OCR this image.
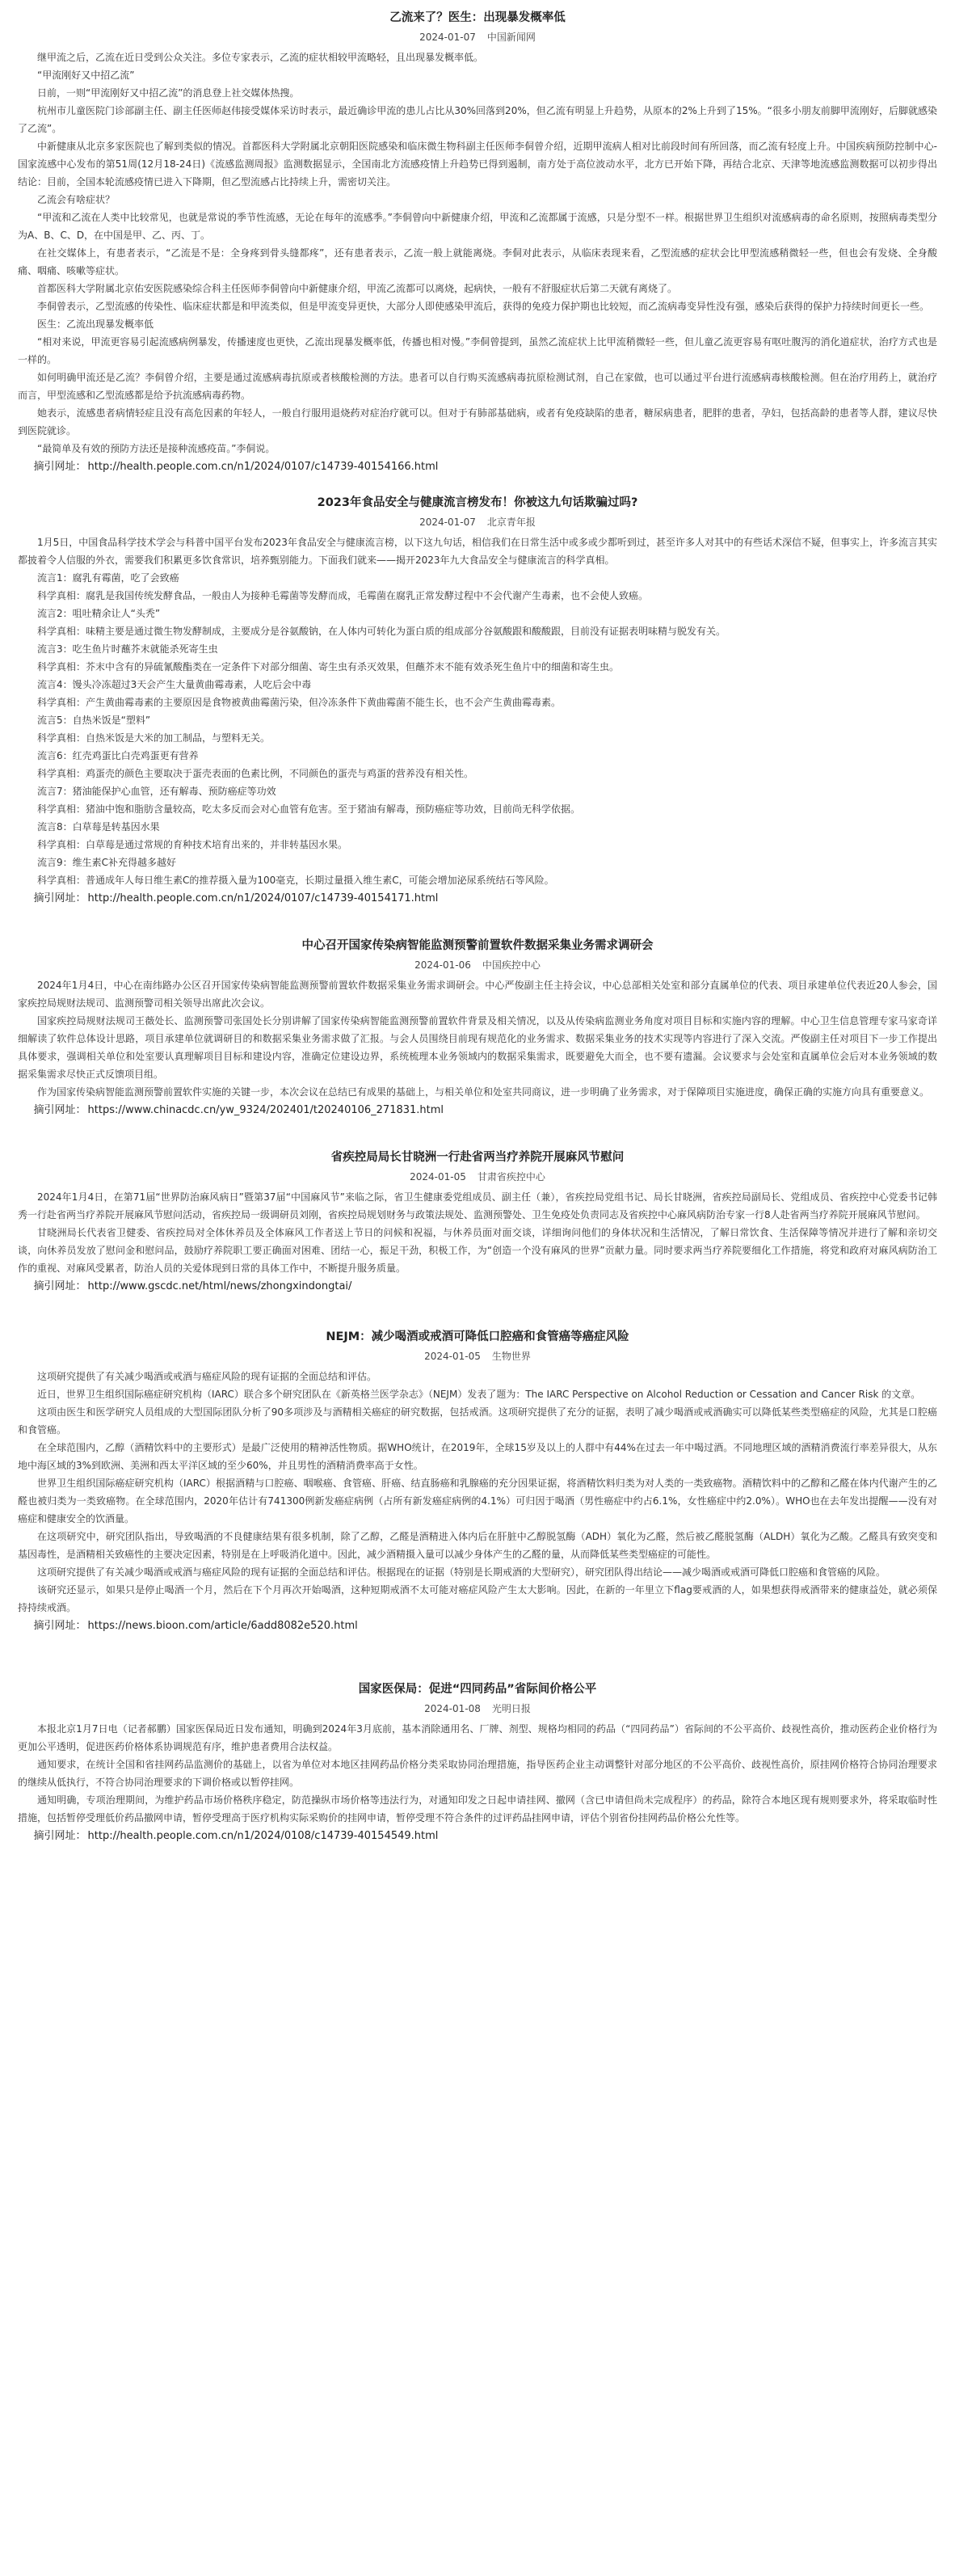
乙流来了？医生：出现暴发概率低
2024-01-07 中国新闻网

继甲流之后，乙流在近日受到公众关注。多位专家表示，乙流的症状相较甲流略轻，且出现暴发概率低。

“甲流刚好又中招乙流”

日前，一则“甲流刚好又中招乙流”的消息登上社交媒体热搜。

杭州市儿童医院门诊部副主任、副主任医师赵伟接受媒体采访时表示，最近确诊甲流的患儿占比从30%回落到20%，但乙流有明显上升趋势，从原本的2%上升到了15%。“很多小朋友前脚甲流刚好，后脚就感染了乙流”。

中新健康从北京多家医院也了解到类似的情况。首都医科大学附属北京朝阳医院感染和临床微生物科副主任医师李侗曾介绍，近期甲流病人相对比前段时间有所回落，而乙流有轻度上升。中国疾病预防控制中心-国家流感中心发布的第51周(12月18-24日)《流感监测周报》监测数据显示，全国南北方流感疫情上升趋势已得到遏制，南方处于高位波动水平，北方已开始下降，再结合北京、天津等地流感监测数据可以初步得出结论：目前，全国本轮流感疫情已进入下降期，但乙型流感占比持续上升，需密切关注。

乙流会有啥症状？

“甲流和乙流在人类中比较常见，也就是常说的季节性流感，无论在每年的流感季。”李侗曾向中新健康介绍，甲流和乙流都属于流感，只是分型不一样。根据世界卫生组织对流感病毒的命名原则，按照病毒类型分为A、B、C、D，在中国是甲、乙、丙、丁。

在社交媒体上，有患者表示，“乙流是不是：全身疼到骨头缝都疼”，还有患者表示，乙流一般上就能离烧。李侗对此表示，从临床表现来看，乙型流感的症状会比甲型流感稍微轻一些，但也会有发烧、全身酸痛、咽痛、咳嗽等症状。

首都医科大学附属北京佑安医院感染综合科主任医师李侗曾向中新健康介绍，甲流乙流都可以离烧，起病快，一般有不舒服症状后第二天就有离烧了。

李侗曾表示，乙型流感的传染性、临床症状都是和甲流类似，但是甲流变异更快，大部分人即使感染甲流后，获得的免疫力保护期也比较短，而乙流病毒变异性没有强，感染后获得的保护力持续时间更长一些。

医生：乙流出现暴发概率低

“相对来说，甲流更容易引起流感病例暴发，传播速度也更快，乙流出现暴发概率低，传播也相对慢。”李侗曾提到，虽然乙流症状上比甲流稍微轻一些，但儿童乙流更容易有呕吐腹泻的消化道症状，治疗方式也是一样的。

如何明确甲流还是乙流？李侗曾介绍，主要是通过流感病毒抗原或者核酸检测的方法。患者可以自行购买流感病毒抗原检测试剂，自己在家做，也可以通过平台进行流感病毒核酸检测。但在治疗用药上，就治疗而言，甲型流感和乙型流感都是给予抗流感病毒药物。

她表示，流感患者病情轻症且没有高危因素的年轻人，一般自行服用退烧药对症治疗就可以。但对于有肺部基础病，或者有免疫缺陷的患者，糖尿病患者，肥胖的患者，孕妇，包括高龄的患者等人群，建议尽快到医院就诊。

“最简单及有效的预防方法还是接种流感疫苗。”李侗说。

摘引网址： http://health.people.com.cn/n1/2024/0107/c14739-40154166.html

2023年食品安全与健康流言榜发布！你被这九句话欺骗过吗?
2024-01-07 北京青年报

1月5日，中国食品科学技术学会与科普中国平台发布2023年食品安全与健康流言榜，以下这九句话，相信我们在日常生活中或多或少都听到过，甚至许多人对其中的有些话术深信不疑，但事实上，许多流言其实都披着令人信服的外衣，需要我们积累更多饮食常识，培养甄别能力。下面我们就来——揭开2023年九大食品安全与健康流言的科学真相。

流言1：腐乳有霉菌，吃了会致癌

科学真相：腐乳是我国传统发酵食品，一般由人为接种毛霉菌等发酵而成，毛霉菌在腐乳正常发酵过程中不会代谢产生毒素，也不会使人致癌。

流言2：咀吐精余让人“头秃”

科学真相：味精主要是通过微生物发酵制成，主要成分是谷氨酸钠，在人体内可转化为蛋白质的组成部分谷氨酸跟和酸酸跟，目前没有证据表明味精与脱发有关。

流言3：吃生鱼片时蘸芥末就能杀死寄生虫

科学真相：芥末中含有的异硫氰酸酯类在一定条件下对部分细菌、寄生虫有杀灭效果，但蘸芥末不能有效杀死生鱼片中的细菌和寄生虫。

流言4：馒头冷冻超过3天会产生大量黄曲霉毒素，人吃后会中毒

科学真相：产生黄曲霉毒素的主要原因是食物被黄曲霉菌污染，但冷冻条件下黄曲霉菌不能生长，也不会产生黄曲霉毒素。

流言5：自热米饭是“塑料”

科学真相：自热米饭是大米的加工制品，与塑料无关。

流言6：红壳鸡蛋比白壳鸡蛋更有营养

科学真相：鸡蛋壳的颜色主要取决于蛋壳表面的色素比例，不同颜色的蛋壳与鸡蛋的营养没有相关性。

流言7：猪油能保护心血管，还有解毒、预防癌症等功效

科学真相：猪油中饱和脂肪含量较高，吃太多反而会对心血管有危害。至于猪油有解毒，预防癌症等功效，目前尚无科学依据。

流言8：白草莓是转基因水果

科学真相：白草莓是通过常规的育种技术培育出来的，并非转基因水果。

流言9：维生素C补充得越多越好

科学真相：普通成年人每日维生素C的推荐摄入量为100毫克，长期过量摄入维生素C，可能会增加泌尿系统结石等风险。

摘引网址： http://health.people.com.cn/n1/2024/0107/c14739-40154171.html

中心召开国家传染病智能监测预警前置软件数据采集业务需求调研会
2024-01-06 中国疾控中心

2024年1月4日，中心在南纬路办公区召开国家传染病智能监测预警前置软件数据采集业务需求调研会。中心严俊副主任主持会议，中心总部相关处室和部分直属单位的代表、项目承建单位代表近20人参会，国家疾控局规财法规司、监测预警司相关领导出席此次会议。

国家疾控局规财法规司王薇处长、监测预警司张国处长分别讲解了国家传染病智能监测预警前置软件背景及相关情况，以及从传染病监测业务角度对项目目标和实施内容的理解。中心卫生信息管理专家马家奇详细解读了软件总体设计思路，项目承建单位就调研目的和数据采集业务需求做了汇报。与会人员围绕目前现有规范化的业务需求、数据采集业务的技术实现等内容进行了深入交流。严俊副主任对项目下一步工作提出具体要求，强调相关单位和处室要认真理解项目目标和建设内容，准确定位建设边界，系统梳理本业务领域内的数据采集需求，既要避免大而全，也不要有遗漏。会议要求与会处室和直属单位会后对本业务领域的数据采集需求尽快正式反馈项目组。

作为国家传染病智能监测预警前置软件实施的关键一步，本次会议在总结已有成果的基础上，与相关单位和处室共同商议，进一步明确了业务需求，对于保障项目实施进度，确保正确的实施方向具有重要意义。

摘引网址： https://www.chinacdc.cn/yw_9324/202401/t20240106_271831.html

省疾控局局长甘晓洲一行赴省两当疗养院开展麻风节慰问
2024-01-05 甘肃省疾控中心

2024年1月4日，在第71届“世界防治麻风病日”暨第37届“中国麻风节”来临之际，省卫生健康委党组成员、副主任（兼），省疾控局党组书记、局长甘晓洲，省疾控局副局长、党组成员、省疾控中心党委书记韩秀一行赴省两当疗养院开展麻风节慰问活动，省疾控局一级调研员刘刚，省疾控局规划财务与政策法规处、监测预警处、卫生免疫处负责同志及省疾控中心麻风病防治专家一行8人赴省两当疗养院开展麻风节慰问。

甘晓洲局长代表省卫健委、省疾控局对全体休养员及全体麻风工作者送上节日的问候和祝福，与休养员面对面交谈，详细询问他们的身体状况和生活情况，了解日常饮食、生活保障等情况并进行了解和亲切交谈，向休养员发放了慰问金和慰问品，鼓励疗养院职工要正确面对困难、团结一心，振足干劲，积极工作，为“创造一个没有麻风的世界”贡献力量。同时要求两当疗养院要细化工作措施，将党和政府对麻风病防治工作的重视、对麻风受累者，防治人员的关爱体现到日常的具体工作中，不断提升服务质量。

摘引网址： http://www.gscdc.net/html/news/zhongxindongtai/

NEJM：减少喝酒或戒酒可降低口腔癌和食管癌等癌症风险
2024-01-05 生物世界

这项研究提供了有关减少喝酒或戒酒与癌症风险的现有证据的全面总结和评估。

近日，世界卫生组织国际癌症研究机构（IARC）联合多个研究团队在《新英格兰医学杂志》（NEJM）发表了题为：The IARC Perspective on Alcohol Reduction or Cessation and Cancer Risk 的文章。

这项由医生和医学研究人员组成的大型国际团队分析了90多项涉及与酒精相关癌症的研究数据，包括戒酒。这项研究提供了充分的证据，表明了减少喝酒或戒酒确实可以降低某些类型癌症的风险，尤其是口腔癌和食管癌。

在全球范围内，乙醇（酒精饮料中的主要形式）是最广泛使用的精神活性物质。据WHO统计，在2019年，全球15岁及以上的人群中有44%在过去一年中喝过酒。不同地理区域的酒精消费流行率差异很大，从东地中海区域的3%到欧洲、美洲和西太平洋区域的至少60%，并且男性的酒精消费率高于女性。

世界卫生组织国际癌症研究机构（IARC）根据酒精与口腔癌、咽喉癌、食管癌、肝癌、结直肠癌和乳腺癌的充分因果证据，将酒精饮料归类为对人类的一类致癌物。酒精饮料中的乙醇和乙醛在体内代谢产生的乙醛也被归类为一类致癌物。在全球范围内，2020年估计有741300例新发癌症病例（占所有新发癌症病例的4.1%）可归因于喝酒（男性癌症中约占6.1%，女性癌症中约2.0%）。WHO也在去年发出提醒——没有对癌症和健康安全的饮酒量。

在这项研究中，研究团队指出，导致喝酒的不良健康结果有很多机制，除了乙醇，乙醛是酒精进入体内后在肝脏中乙醇脱氢酶（ADH）氧化为乙醛，然后被乙醛脱氢酶（ALDH）氧化为乙酸。乙醛具有致突变和基因毒性，是酒精相关致癌性的主要决定因素，特别是在上呼吸消化道中。因此，减少酒精摄入量可以减少身体产生的乙醛的量，从而降低某些类型癌症的可能性。

这项研究提供了有关减少喝酒或戒酒与癌症风险的现有证据的全面总结和评估。根据现在的证据（特别是长期戒酒的大型研究），研究团队得出结论——减少喝酒或戒酒可降低口腔癌和食管癌的风险。

该研究还显示，如果只是停止喝酒一个月，然后在下个月再次开始喝酒，这种短期戒酒不太可能对癌症风险产生太大影响。因此，在新的一年里立下flag要戒酒的人，如果想获得戒酒带来的健康益处，就必须保持持续戒酒。

摘引网址： https://news.bioon.com/article/6add8082e520.html

国家医保局：促进“四同药品”省际间价格公平
2024-01-08 光明日报

本报北京1月7日电（记者郝鹏）国家医保局近日发布通知，明确到2024年3月底前，基本消除通用名、厂牌、剂型、规格均相同的药品（“四同药品”）省际间的不公平高价、歧视性高价，推动医药企业价格行为更加公平透明，促进医药价格体系协调规范有序，维护患者费用合法权益。

通知要求，在统计全国和省挂网药品监测价的基础上，以省为单位对本地区挂网药品价格分类采取协同治理措施，指导医药企业主动调整针对部分地区的不公平高价、歧视性高价，原挂网价格符合协同治理要求的继续从低执行，不符合协同治理要求的下调价格或以暂停挂网。

通知明确，专项治理期间，为维护药品市场价格秩序稳定，防范操纵市场价格等违法行为，对通知印发之日起申请挂网、撤网（含已申请但尚未完成程序）的药品，除符合本地区现有规则要求外，将采取临时性措施，包括暂停受理低价药品撤网申请，暂停受理高于医疗机构实际采购价的挂网申请，暂停受理不符合条件的过评药品挂网申请，评估个别省份挂网药品价格公允性等。

摘引网址： http://health.people.com.cn/n1/2024/0108/c14739-40154549.html
